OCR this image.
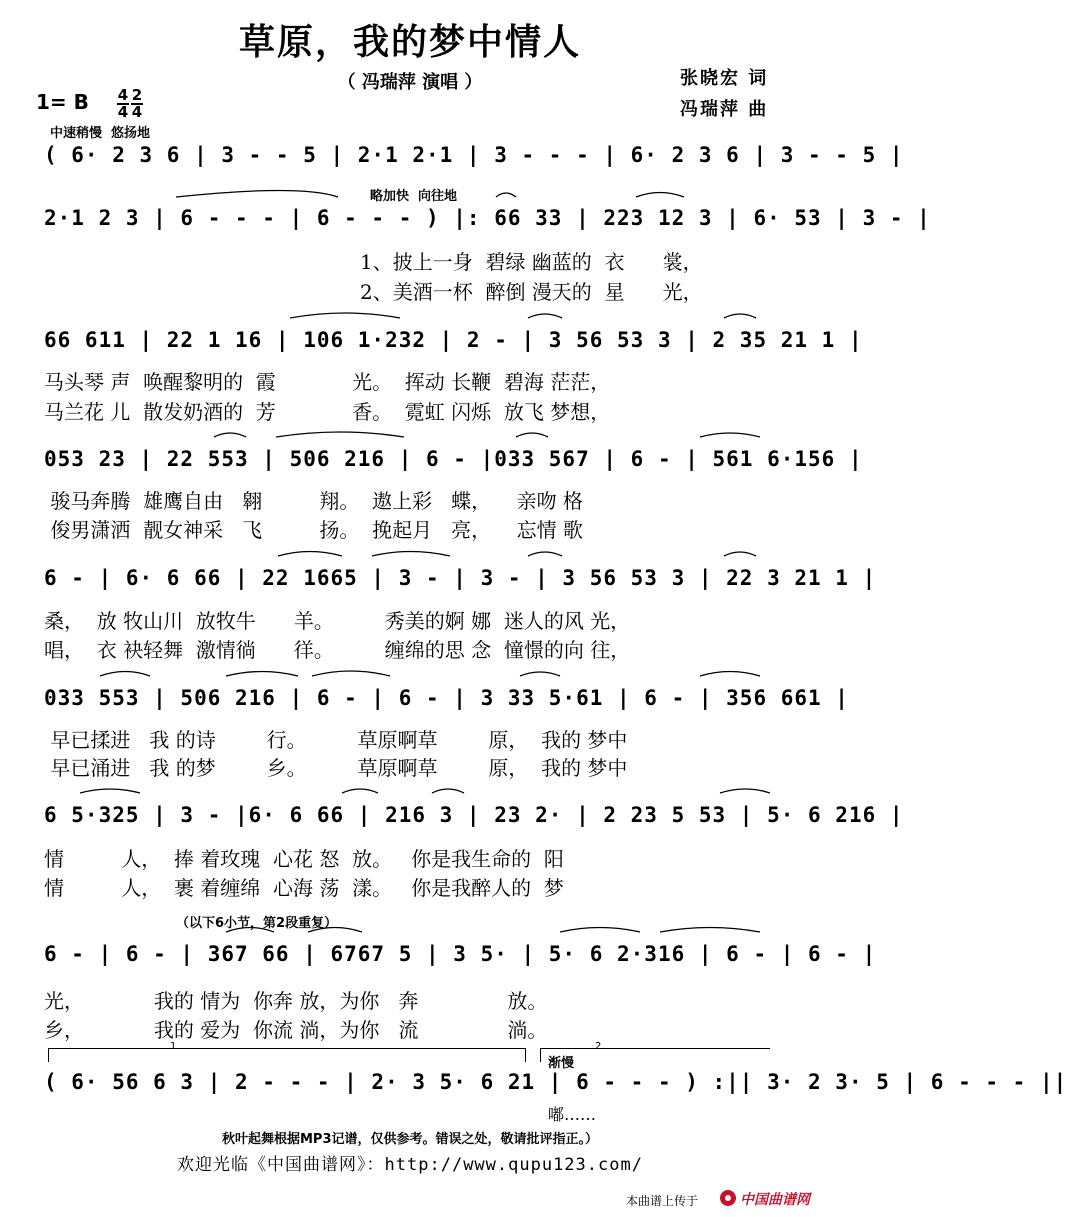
草原，我的梦中情人
（ 冯瑞萍 演唱 ）	张晓宏 词
冯瑞萍 曲
1= B 4
4
2
4
中速稍慢  悠扬地
( 6· 2 3 6 | 3 - - 5 | 2·1 2·1 | 3 - - - | 6· 2 3 6 | 3 - - 5 |
略加快  向往地
2·1 2 3 | 6 - - - | 6 - - - ) |: 66 33 | 223 12 3 | 6· 53 | 3 - |
1、披上一身  碧绿 幽蓝的  衣      裳，
2、美酒一杯  醉倒 漫天的  星      光，
66 611 | 22 1 16 | 106 1·232 | 2 - | 3 56 53 3 | 2 35 21 1 |
马头琴 声  唤醒黎明的  霞            光。  挥动 长鞭  碧海 茫茫，
马兰花 儿  散发奶酒的  芳            香。  霓虹 闪烁  放飞 梦想，
053 23 | 22 553 | 506 216 | 6 - |033 567 | 6 - | 561 6·156 |
骏马奔腾  雄鹰自由   翱         翔。  遨上彩   蝶，    亲吻 格
俊男潇洒  靓女神采   飞         扬。  挽起月   亮，    忘情 歌
6 - | 6· 6 66 | 22 1665 | 3 - | 3 - | 3 56 53 3 | 22 3 21 1 |
桑，  放 牧山川  放牧牛      羊。        秀美的婀 娜  迷人的风 光，
唱，  衣 袂轻舞  激情徜      徉。        缠绵的思 念  憧憬的向 往，
033 553 | 506 216 | 6 - | 6 - | 3 33 5·61 | 6 - | 356 661 |
早已揉进   我 的诗        行。        草原啊草        原，  我的 梦中
早已涌进   我 的梦        乡。        草原啊草        原，  我的 梦中
6 5·325 | 3 - |6· 6 66 | 216 3 | 23 2· | 2 23 5 53 | 5· 6 216 |
情         人，  捧 着玫瑰  心花 怒  放。   你是我生命的  阳
情         人，  裹 着缠绵  心海 荡  漾。   你是我醉人的  梦
（以下6小节，第2段重复）
6 - | 6 - | 367 66 | 6767 5 | 3 5· | 5· 6 2·316 | 6 - | 6 - |
光，           我的 情为  你奔 放，为你   奔              放。
乡，           我的 爱为  你流 淌，为你   流              淌。
1	2
渐慢
( 6· 56 6 3 | 2 - - - | 2· 3 5· 6 21 | 6 - - - ) :|| 3· 2 3· 5 | 6 - - - ||
嘟……
秋叶起舞根据MP3记谱，仅供参考。错误之处，敬请批评指正。）
欢迎光临《中国曲谱网》：http://www.qupu123.com/
本曲谱上传于	中国曲谱网
